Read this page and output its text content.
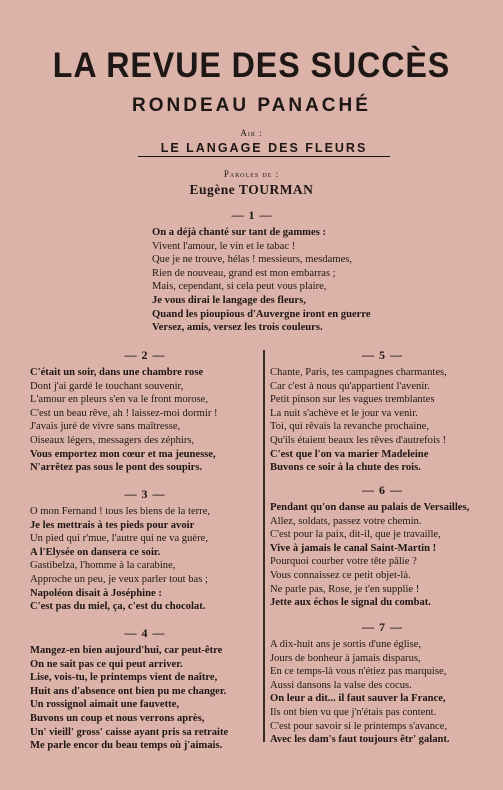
LA REVUE DES SUCCÈS
RONDEAU PANACHÉ
Air :
LE LANGAGE DES FLEURS
Paroles de :
Eugène TOURMAN
— 1 —
On a déjà chanté sur tant de gammes :
Vivent l'amour, le vin et le tabac !
Que je ne trouve, hélas ! messieurs, mesdames,
Rien de nouveau, grand est mon embarras ;
Mais, cependant, si cela peut vous plaire,
Je vous dirai le langage des fleurs,
Quand les pioupious d'Auvergne iront en guerre
Versez, amis, versez les trois couleurs.
— 2 —
C'était un soir, dans une chambre rose
Dont j'ai gardé le touchant souvenir,
L'amour en pleurs s'en va le front morose,
C'est un beau rêve, ah ! laissez-moi dormir !
J'avais juré de vivre sans maîtresse,
Oiseaux légers, messagers des zéphirs,
Vous emportez mon cœur et ma jeunesse,
N'arrêtez pas sous le pont des soupirs.
— 3 —
O mon Fernand ! tous les biens de la terre,
Je les mettrais à tes pieds pour avoir
Un pied qui r'mue, l'autre qui ne va guère,
A l'Elysée on dansera ce soir.
Gastibelza, l'homme à la carabine,
Approche un peu, je veux parler tout bas ;
Napoléon disait à Joséphine :
C'est pas du miel, ça, c'est du chocolat.
— 4 —
Mangez-en bien aujourd'hui, car peut-être
On ne sait pas ce qui peut arriver.
Lise, vois-tu, le printemps vient de naître,
Huit ans d'absence ont bien pu me changer.
Un rossignol aimait une fauvette,
Buvons un coup et nous verrons après,
Un' vieill' gross' caisse ayant pris sa retraite
Me parle encor du beau temps où j'aimais.
— 5 —
Chante, Paris, tes campagnes charmantes,
Car c'est à nous qu'appartient l'avenir.
Petit pinson sur les vagues tremblantes
La nuit s'achève et le jour va venir.
Toi, qui rêvais la revanche prochaine,
Qu'ils étaient beaux les rêves d'autrefois !
C'est que l'on va marier Madeleine
Buvons ce soir à la chute des rois.
— 6 —
Pendant qu'on danse au palais de Versailles,
Allez, soldats, passez votre chemin.
C'est pour la paix, dit-il, que je travaille,
Vive à jamais le canal Saint-Martin !
Pourquoi courber votre tête pâlie ?
Vous connaissez ce petit objet-là.
Ne parle pas, Rose, je t'en supplie !
Jette aux échos le signal du combat.
— 7 —
A dix-huit ans je sortis d'une église,
Jours de bonheur à jamais disparus,
En ce temps-là vous n'étiez pas marquise,
Aussi dansons la valse des cocus.
On leur a dit... il faut sauver la France,
Ils ont bien vu que j'n'étais pas content.
C'est pour savoir si le printemps s'avance,
Avec les dam's faut toujours êtr' galant.
